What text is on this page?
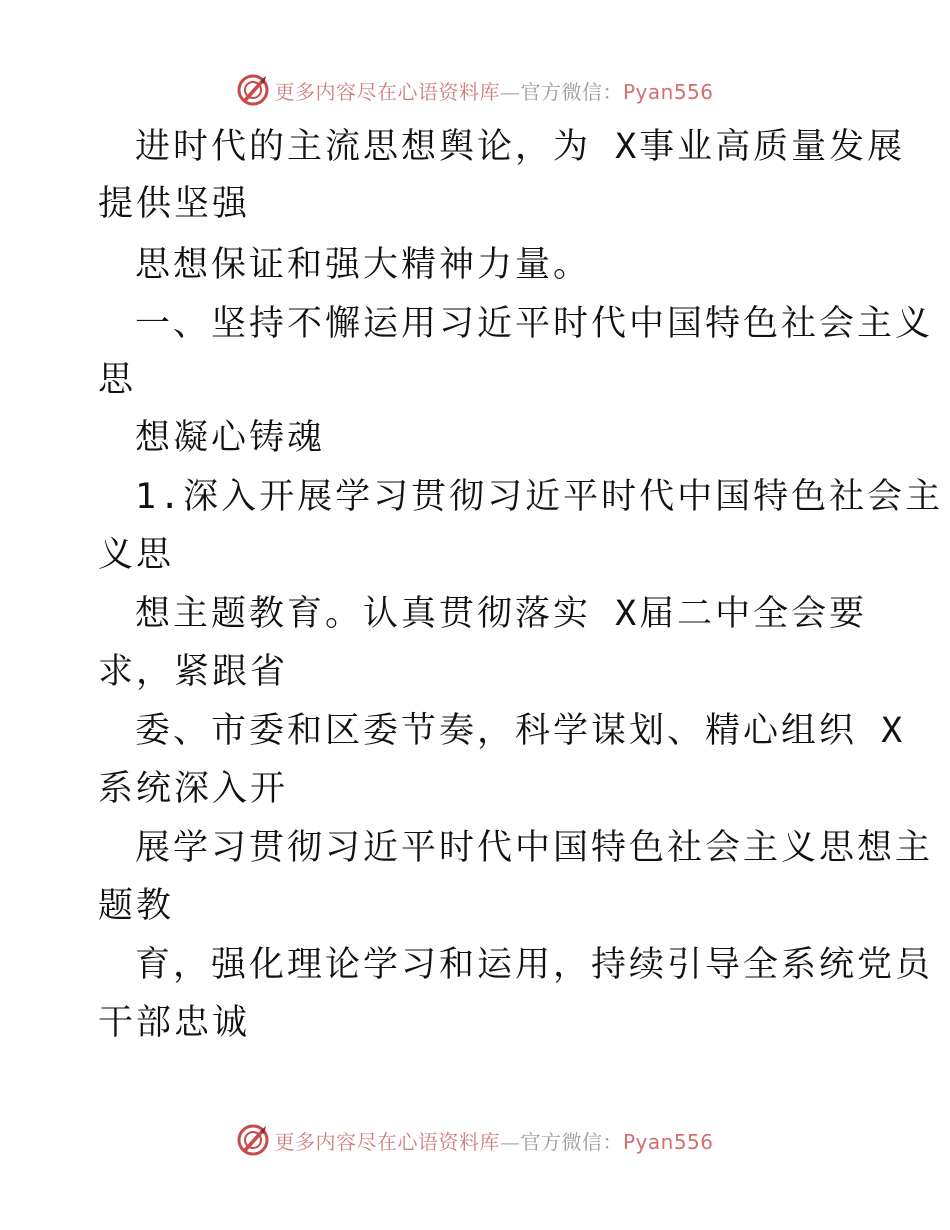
更多内容尽在心语资料库—官方微信：Pyan556
进时代的主流思想舆论，为 X事业高质量发展
提供坚强
思想保证和强大精神力量。
一、坚持不懈运用习近平时代中国特色社会主义
思
想凝心铸魂
1.深入开展学习贯彻习近平时代中国特色社会主
义思
想主题教育。认真贯彻落实 X届二中全会要
求，紧跟省
委、市委和区委节奏，科学谋划、精心组织 X
系统深入开
展学习贯彻习近平时代中国特色社会主义思想主
题教
育，强化理论学习和运用，持续引导全系统党员
干部忠诚
更多内容尽在心语资料库—官方微信：Pyan556
